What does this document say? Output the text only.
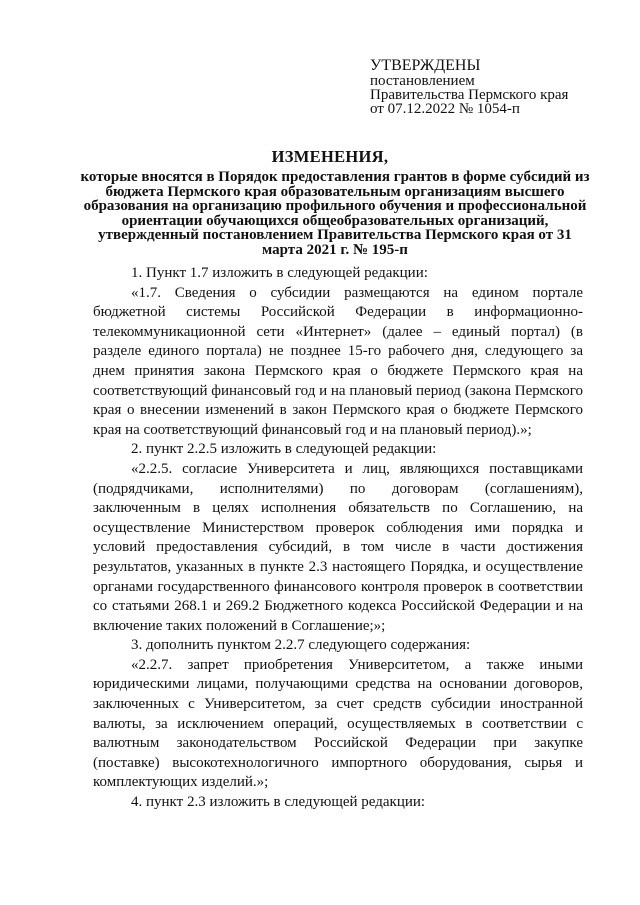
УТВЕРЖДЕНЫ
постановлением
Правительства Пермского края
от 07.12.2022 № 1054-п
ИЗМЕНЕНИЯ,
которые вносятся в Порядок предоставления грантов в форме субсидий из бюджета Пермского края образовательным организациям высшего образования на организацию профильного обучения и профессиональной ориентации обучающихся общеобразовательных организаций, утвержденный постановлением Правительства Пермского края от 31 марта 2021 г. № 195-п

1. Пункт 1.7 изложить в следующей редакции:

«1.7. Сведения о субсидии размещаются на едином портале бюджетной системы Российской Федерации в информационно-телекоммуникационной сети «Интернет» (далее – единый портал) (в разделе единого портала) не позднее 15-го рабочего дня, следующего за днем принятия закона Пермского края о бюджете Пермского края на соответствующий финансовый год и на плановый период (закона Пермского края о внесении изменений в закон Пермского края о бюджете Пермского края на соответствующий финансовый год и на плановый период).»;

2. пункт 2.2.5 изложить в следующей редакции:

«2.2.5. согласие Университета и лиц, являющихся поставщиками (подрядчиками, исполнителями) по договорам (соглашениям), заключенным в целях исполнения обязательств по Соглашению, на осуществление Министерством проверок соблюдения ими порядка и условий предоставления субсидий, в том числе в части достижения результатов, указанных в пункте 2.3 настоящего Порядка, и осуществление органами государственного финансового контроля проверок в соответствии со статьями 268.1 и 269.2 Бюджетного кодекса Российской Федерации и на включение таких положений в Соглашение;»;

3. дополнить пунктом 2.2.7 следующего содержания:

«2.2.7. запрет приобретения Университетом, а также иными юридическими лицами, получающими средства на основании договоров, заключенных с Университетом, за счет средств субсидии иностранной валюты, за исключением операций, осуществляемых в соответствии с валютным законодательством Российской Федерации при закупке (поставке) высокотехнологичного импортного оборудования, сырья и комплектующих изделий.»;

4. пункт 2.3 изложить в следующей редакции:
